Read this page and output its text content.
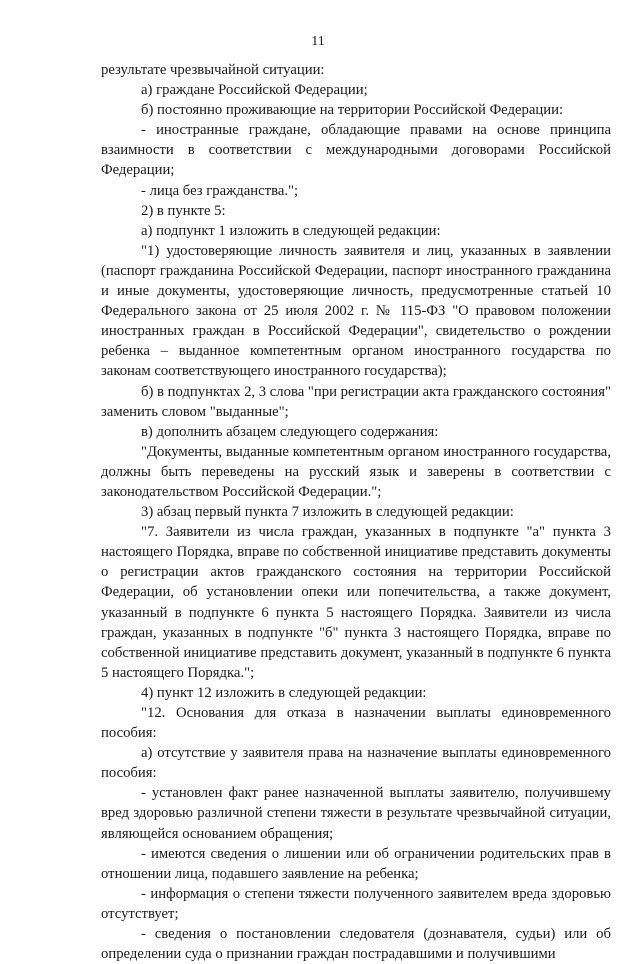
11

результате чрезвычайной ситуации:

а) граждане Российской Федерации;

б) постоянно проживающие на территории Российской Федерации:

- иностранные граждане, обладающие правами на основе принципа взаимности в соответствии с международными договорами Российской Федерации;

- лица без гражданства.";

2) в пункте 5:

а) подпункт 1 изложить в следующей редакции:

"1) удостоверяющие личность заявителя и лиц, указанных в заявлении (паспорт гражданина Российской Федерации, паспорт иностранного гражданина и иные документы, удостоверяющие личность, предусмотренные статьей 10 Федерального закона от 25 июля 2002 г. № 115-ФЗ "О правовом положении иностранных граждан в Российской Федерации", свидетельство о рождении ребенка – выданное компетентным органом иностранного государства по законам соответствующего иностранного государства);

б) в подпунктах 2, 3 слова "при регистрации акта гражданского состояния" заменить словом "выданные";

в) дополнить абзацем следующего содержания:

"Документы, выданные компетентным органом иностранного государства, должны быть переведены на русский язык и заверены в соответствии с законодательством Российской Федерации.";

3) абзац первый пункта 7 изложить в следующей редакции:

"7. Заявители из числа граждан, указанных в подпункте "а" пункта 3 настоящего Порядка, вправе по собственной инициативе представить документы о регистрации актов гражданского состояния на территории Российской Федерации, об установлении опеки или попечительства, а также документ, указанный в подпункте 6 пункта 5 настоящего Порядка. Заявители из числа граждан, указанных в подпункте "б" пункта 3 настоящего Порядка, вправе по собственной инициативе представить документ, указанный в подпункте 6 пункта 5 настоящего Порядка.";

4) пункт 12 изложить в следующей редакции:

"12. Основания для отказа в назначении выплаты единовременного пособия:

а) отсутствие у заявителя права на назначение выплаты единовременного пособия:

- установлен факт ранее назначенной выплаты заявителю, получившему вред здоровью различной степени тяжести в результате чрезвычайной ситуации, являющейся основанием обращения;

- имеются сведения о лишении или об ограничении родительских прав в отношении лица, подавшего заявление на ребенка;

- информация о степени тяжести полученного заявителем вреда здоровью отсутствует;

- сведения о постановлении следователя (дознавателя, судьи) или об определении суда о признании граждан пострадавшими и получившими
